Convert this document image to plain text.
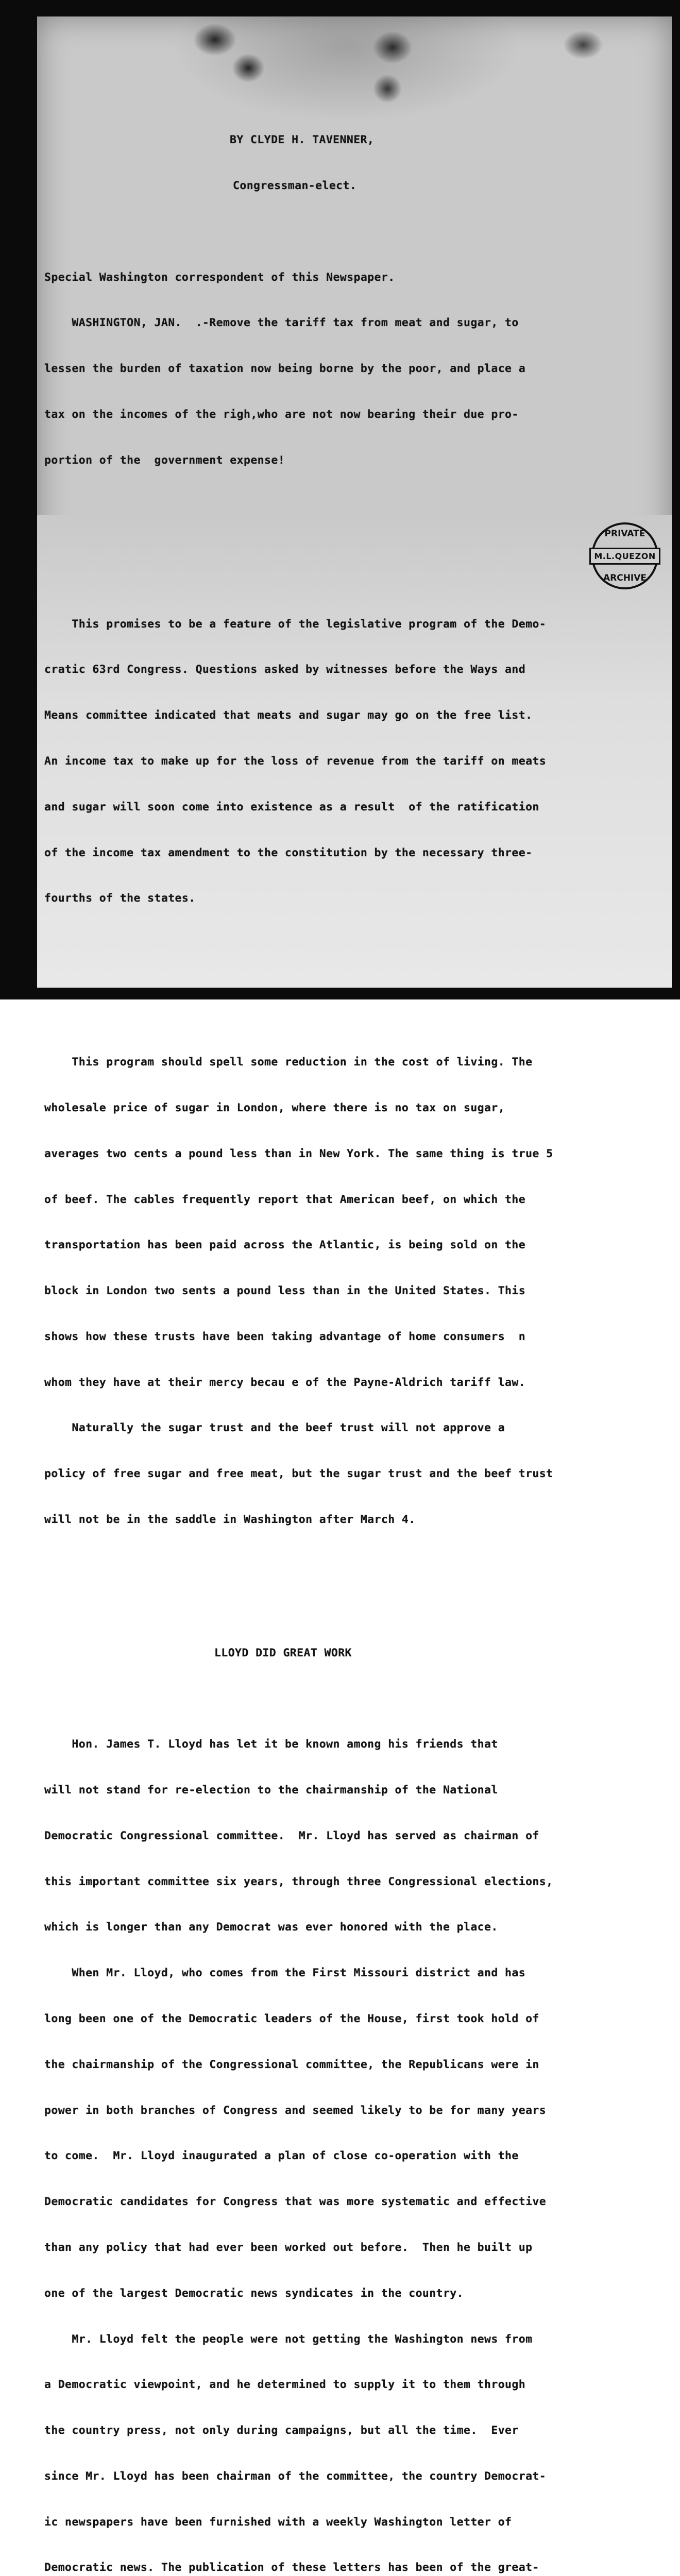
BY CLYDE H. TAVENNER,

Congressman-elect.

Special Washington correspondent of this Newspaper.

WASHINGTON, JAN.  .-Remove the tariff tax from meat and sugar, to

lessen the burden of taxation now being borne by the poor, and place a

tax on the incomes of the righ,who are not now bearing their due pro-

portion of the  government expense!

This promises to be a feature of the legislative program of the Demo-

cratic 63rd Congress. Questions asked by witnesses before the Ways and

Means committee indicated that meats and sugar may go on the free list.

An income tax to make up for the loss of revenue from the tariff on meats

and sugar will soon come into existence as a result  of the ratification

of the income tax amendment to the constitution by the necessary three-

fourths of the states.

This program should spell some reduction in the cost of living. The

wholesale price of sugar in London, where there is no tax on sugar,

averages two cents a pound less than in New York. The same thing is true 5

of beef. The cables frequently report that American beef, on which the

transportation has been paid across the Atlantic, is being sold on the

block in London two sents a pound less than in the United States. This

shows how these trusts have been taking advantage of home consumers  n

whom they have at their mercy becau e of the Payne-Aldrich tariff law.

Naturally the sugar trust and the beef trust will not approve a

policy of free sugar and free meat, but the sugar trust and the beef trust

will not be in the saddle in Washington after March 4.

LLOYD DID GREAT WORK

Hon. James T. Lloyd has let it be known among his friends that

will not stand for re-election to the chairmanship of the National

Democratic Congressional committee.  Mr. Lloyd has served as chairman of

this important committee six years, through three Congressional elections,

which is longer than any Democrat was ever honored with the place.

When Mr. Lloyd, who comes from the First Missouri district and has

long been one of the Democratic leaders of the House, first took hold of

the chairmanship of the Congressional committee, the Republicans were in

power in both branches of Congress and seemed likely to be for many years

to come.  Mr. Lloyd inaugurated a plan of close co-operation with the

Democratic candidates for Congress that was more systematic and effective

than any policy that had ever been worked out before.  Then he built up

one of the largest Democratic news syndicates in the country.

Mr. Lloyd felt the people were not getting the Washington news from

a Democratic viewpoint, and he determined to supply it to them through

the country press, not only during campaigns, but all the time.  Ever

since Mr. Lloyd has been chairman of the committee, the country Democrat-

ic newspapers have been furnished with a weekly Washington letter of

Democratic news. The publication of these letters has been of the great-

PRIVATE
M.L.QUEZON
ARCHIVE
